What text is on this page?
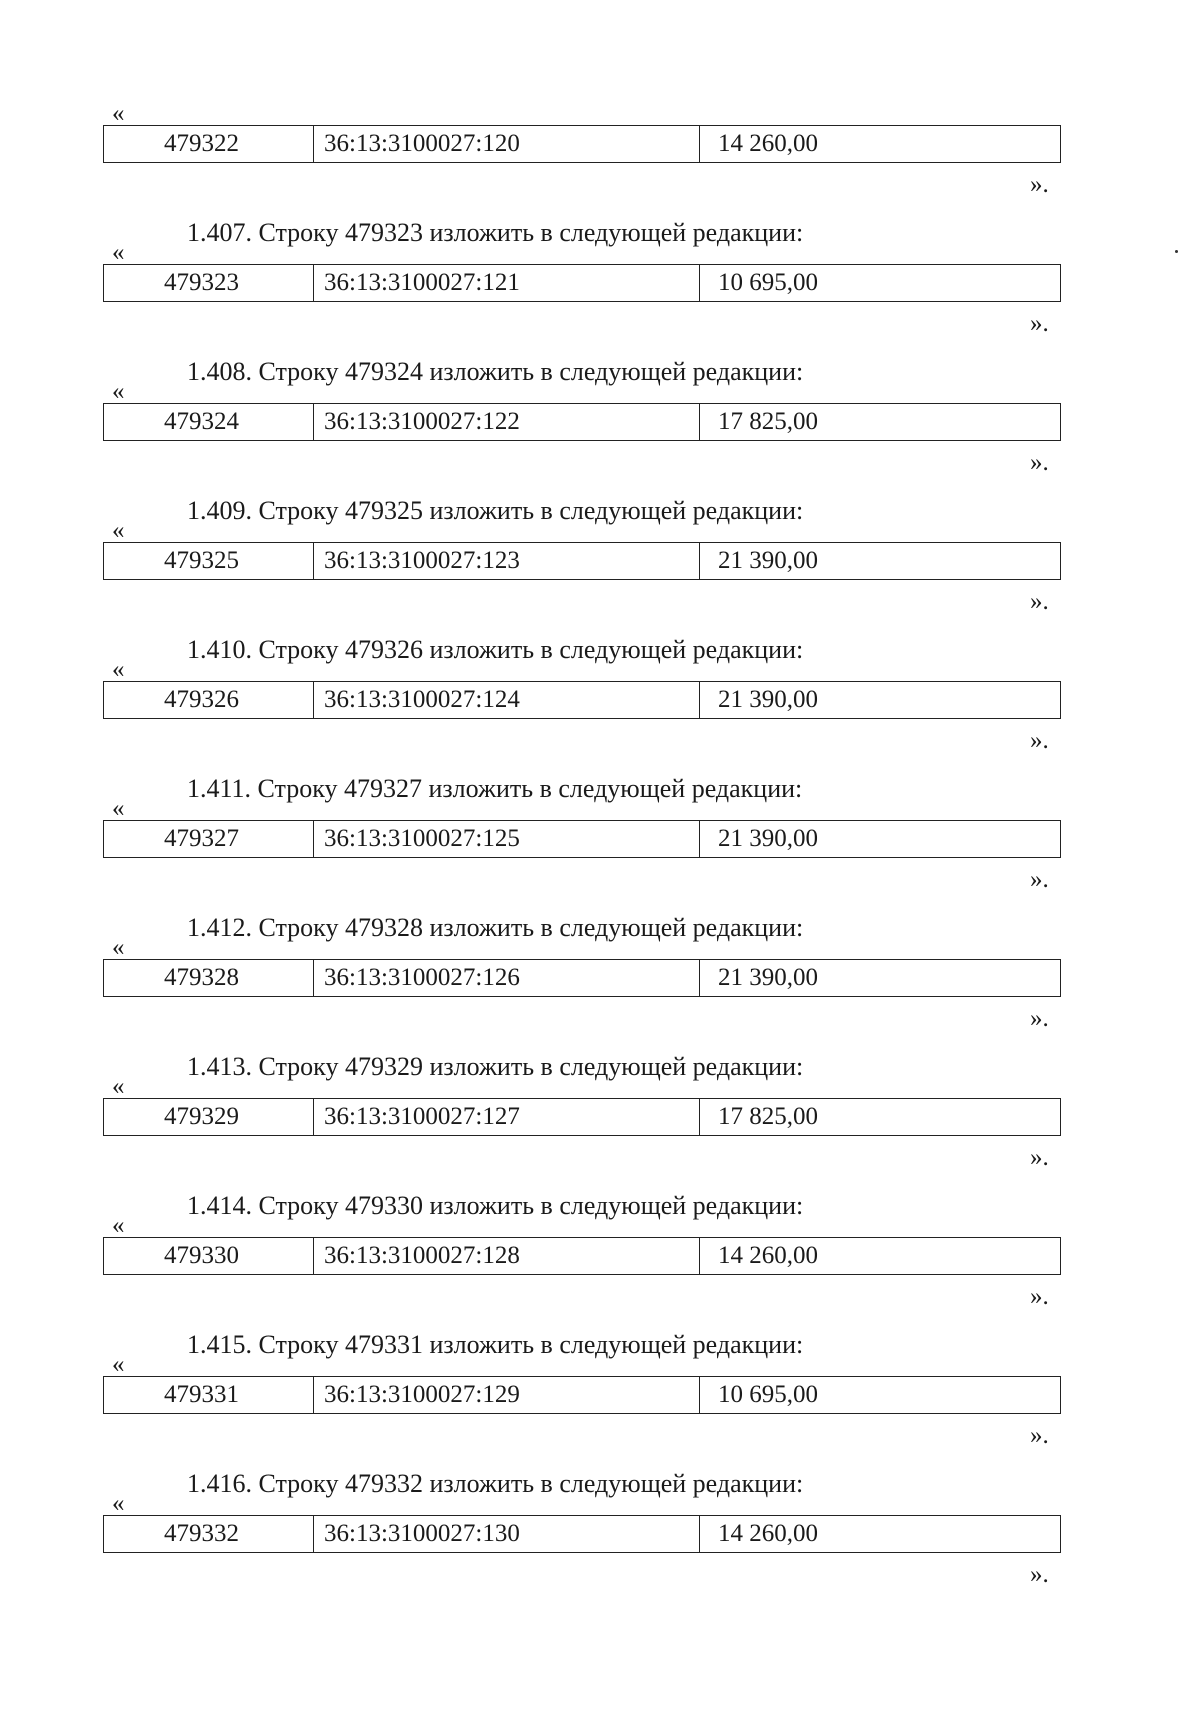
«
479322	36:13:3100027:120	14 260,00
».
1.407. Строку 479323 изложить в следующей редакции:
«
479323	36:13:3100027:121	10 695,00
».
1.408. Строку 479324 изложить в следующей редакции:
«
479324	36:13:3100027:122	17 825,00
».
1.409. Строку 479325 изложить в следующей редакции:
«
479325	36:13:3100027:123	21 390,00
».
1.410. Строку 479326 изложить в следующей редакции:
«
479326	36:13:3100027:124	21 390,00
».
1.411. Строку 479327 изложить в следующей редакции:
«
479327	36:13:3100027:125	21 390,00
».
1.412. Строку 479328 изложить в следующей редакции:
«
479328	36:13:3100027:126	21 390,00
».
1.413. Строку 479329 изложить в следующей редакции:
«
479329	36:13:3100027:127	17 825,00
».
1.414. Строку 479330 изложить в следующей редакции:
«
479330	36:13:3100027:128	14 260,00
».
1.415. Строку 479331 изложить в следующей редакции:
«
479331	36:13:3100027:129	10 695,00
».
1.416. Строку 479332 изложить в следующей редакции:
«
479332	36:13:3100027:130	14 260,00
».
